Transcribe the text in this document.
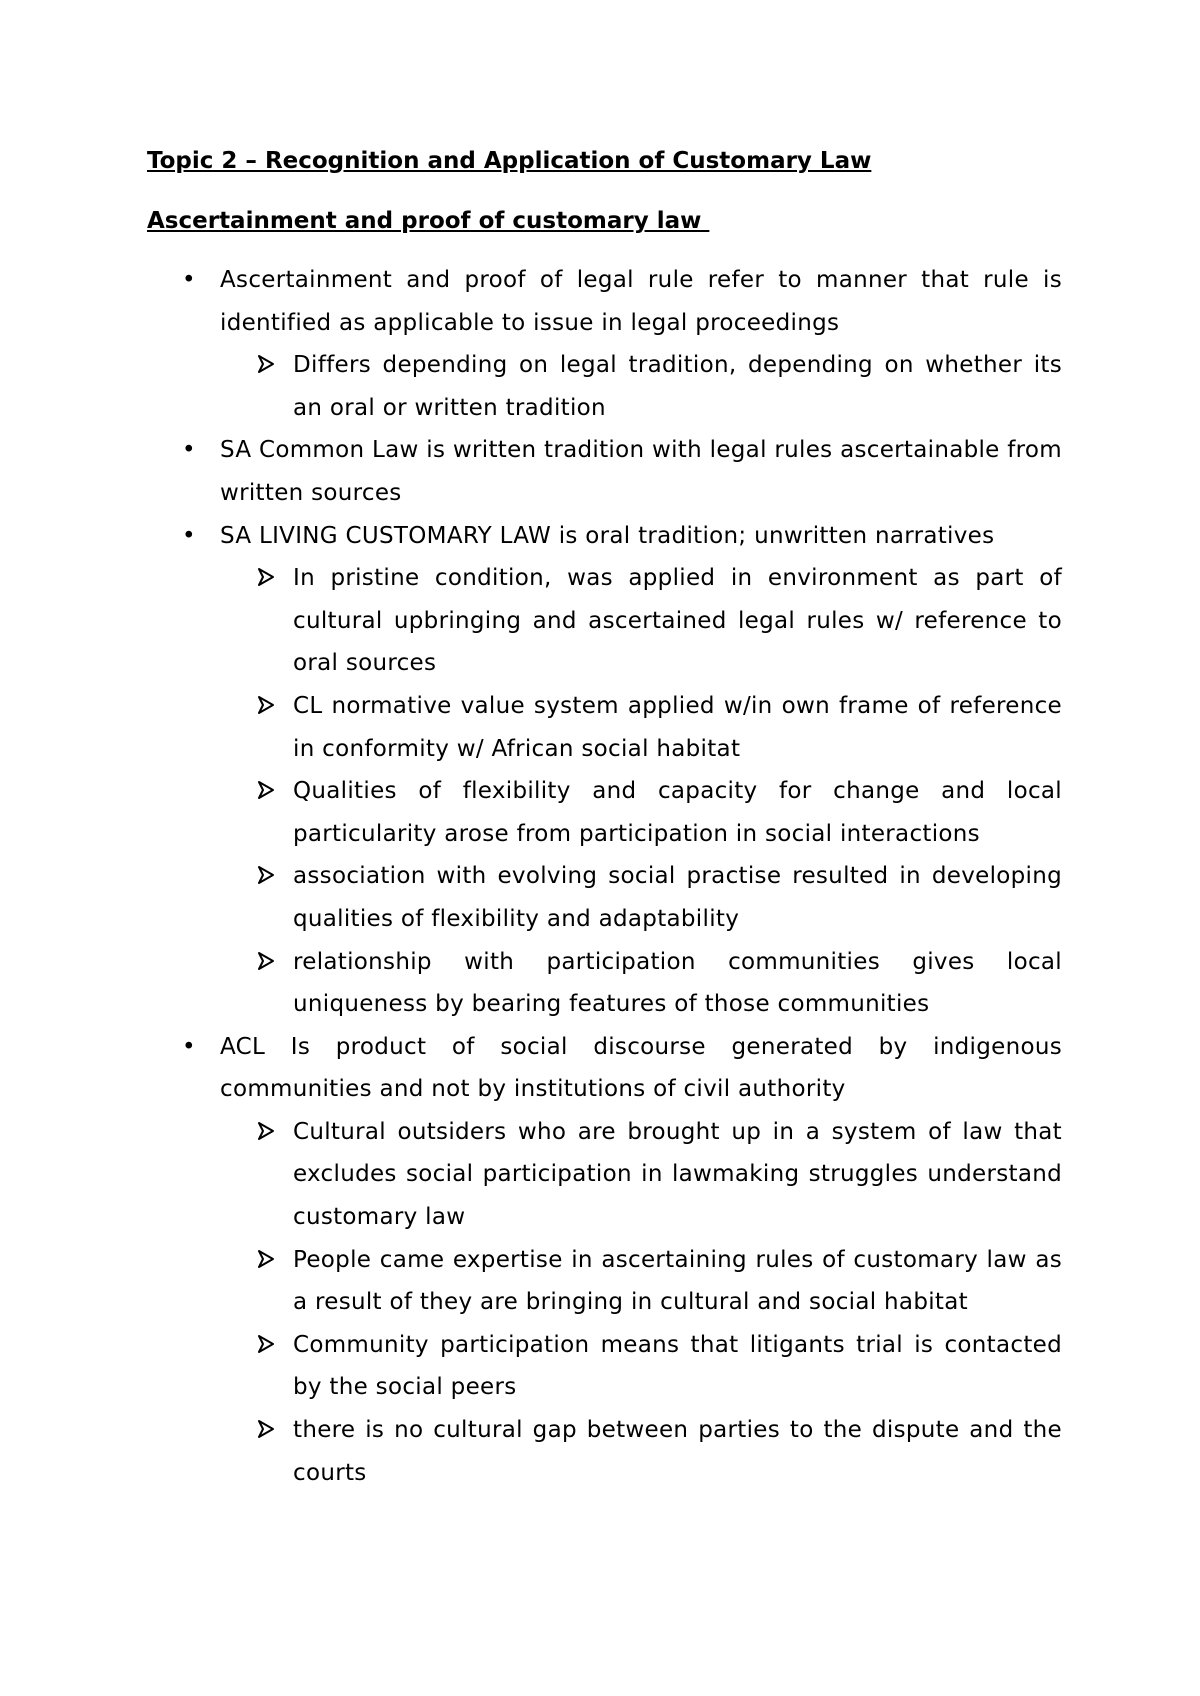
Topic 2 – Recognition and Application of Customary Law
Ascertainment and proof of customary law
• Ascertainment and proof of legal rule refer to manner that rule is identified as applicable to issue in legal proceedings
Differs depending on legal tradition, depending on whether its an oral or written tradition
• SA Common Law is written tradition with legal rules ascertainable from written sources
• SA LIVING CUSTOMARY LAW is oral tradition; unwritten narratives
In pristine condition, was applied in environment as part of cultural upbringing and ascertained legal rules w/ reference to oral sources
CL normative value system applied w/in own frame of reference in conformity w/ African social habitat
Qualities of flexibility and capacity for change and local particularity arose from participation in social interactions
association with evolving social practise resulted in developing qualities of flexibility and adaptability
relationship with participation communities gives local uniqueness by bearing features of those communities
• ACL Is product of social discourse generated by indigenous communities and not by institutions of civil authority
Cultural outsiders who are brought up in a system of law that excludes social participation in lawmaking struggles understand customary law
People came expertise in ascertaining rules of customary law as a result of they are bringing in cultural and social habitat
Community participation means that litigants trial is contacted by the social peers
there is no cultural gap between parties to the dispute and the courts
